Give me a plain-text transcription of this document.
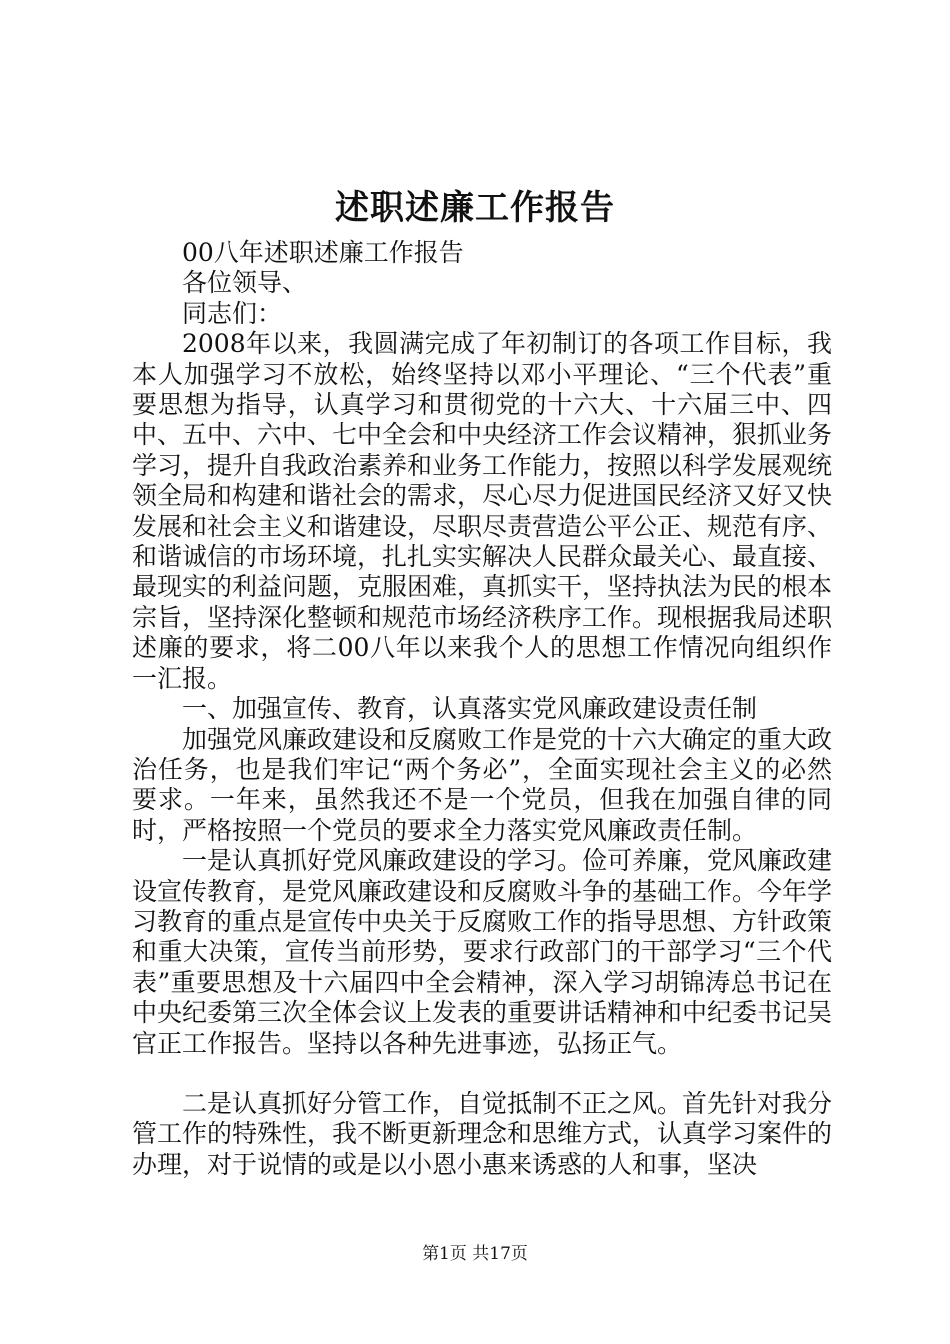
述职述廉工作报告

00八年述职述廉工作报告

各位领导、

同志们：

2008年以来，我圆满完成了年初制订的各项工作目标，我本人加强学习不放松，始终坚持以邓小平理论、“三个代表”重要思想为指导，认真学习和贯彻党的十六大、十六届三中、四中、五中、六中、七中全会和中央经济工作会议精神，狠抓业务学习，提升自我政治素养和业务工作能力，按照以科学发展观统领全局和构建和谐社会的需求，尽心尽力促进国民经济又好又快发展和社会主义和谐建设，尽职尽责营造公平公正、规范有序、和谐诚信的市场环境，扎扎实实解决人民群众最关心、最直接、最现实的利益问题，克服困难，真抓实干，坚持执法为民的根本宗旨，坚持深化整顿和规范市场经济秩序工作。现根据我局述职述廉的要求，将二00八年以来我个人的思想工作情况向组织作一汇报。

一、加强宣传、教育，认真落实党风廉政建设责任制

加强党风廉政建设和反腐败工作是党的十六大确定的重大政治任务，也是我们牢记“两个务必”，全面实现社会主义的必然要求。一年来，虽然我还不是一个党员，但我在加强自律的同时，严格按照一个党员的要求全力落实党风廉政责任制。

一是认真抓好党风廉政建设的学习。俭可养廉，党风廉政建设宣传教育，是党风廉政建设和反腐败斗争的基础工作。今年学习教育的重点是宣传中央关于反腐败工作的指导思想、方针政策和重大决策，宣传当前形势，要求行政部门的干部学习“三个代表”重要思想及十六届四中全会精神，深入学习胡锦涛总书记在中央纪委第三次全体会议上发表的重要讲话精神和中纪委书记吴官正工作报告。坚持以各种先进事迹，弘扬正气。

二是认真抓好分管工作，自觉抵制不正之风。首先针对我分管工作的特殊性，我不断更新理念和思维方式，认真学习案件的办理，对于说情的或是以小恩小惠来诱惑的人和事，坚决

第1页 共17页
